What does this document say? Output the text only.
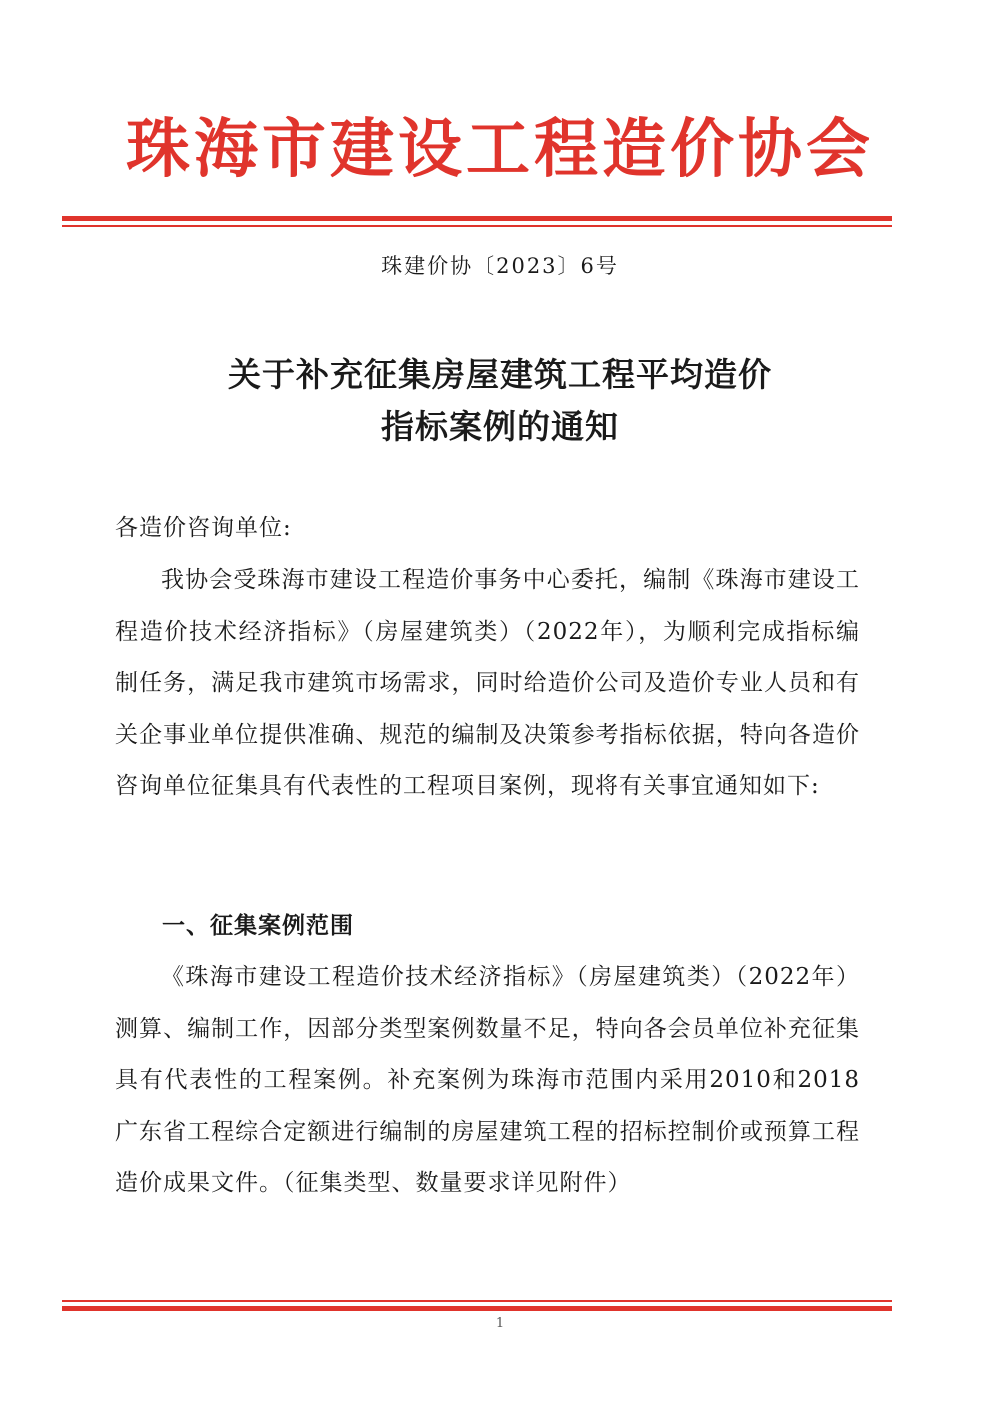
珠海市建设工程造价协会
珠建价协〔2023〕6号
关于补充征集房屋建筑工程平均造价
指标案例的通知
各造价咨询单位:

我协会受珠海市建设工程造价事务中心委托，编制《珠海市建设工程造价技术经济指标》（房屋建筑类）（2022年），为顺利完成指标编制任务，满足我市建筑市场需求，同时给造价公司及造价专业人员和有关企事业单位提供准确、规范的编制及决策参考指标依据，特向各造价咨询单位征集具有代表性的工程项目案例，现将有关事宜通知如下:

一、征集案例范围

《珠海市建设工程造价技术经济指标》（房屋建筑类）（2022年）测算、编制工作，因部分类型案例数量不足，特向各会员单位补充征集具有代表性的工程案例。补充案例为珠海市范围内采用2010和2018广东省工程综合定额进行编制的房屋建筑工程的招标控制价或预算工程造价成果文件。（征集类型、数量要求详见附件）

1
